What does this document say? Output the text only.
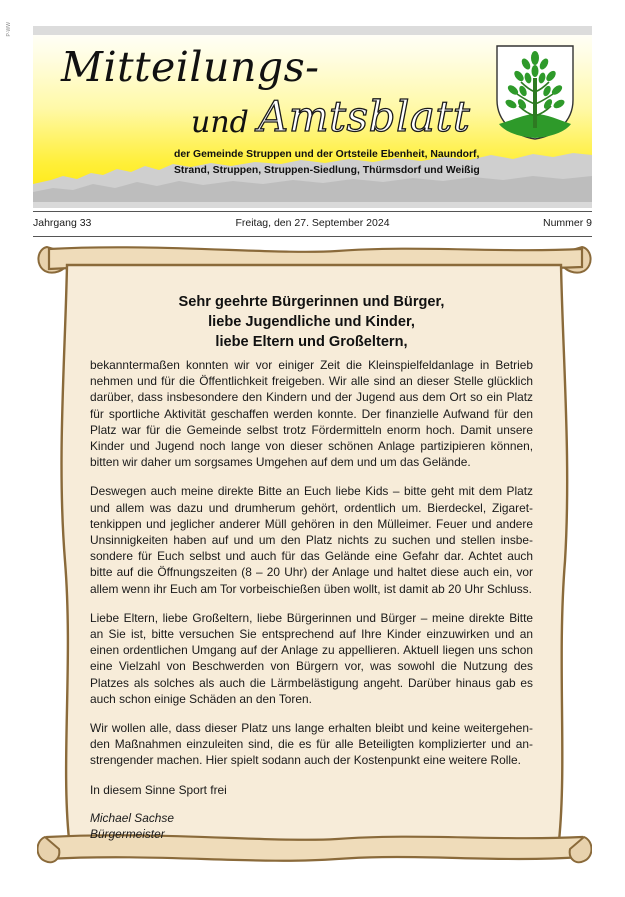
P-WW
Mitteilungs-
und Amtsblatt
der Gemeinde Struppen und der Ortsteile Ebenheit, Naundorf,
Strand, Struppen, Struppen-Siedlung, Thürmsdorf und Weißig
Jahrgang 33	Freitag, den 27. September 2024	Nummer 9
Sehr geehrte Bürgerinnen und Bürger,
liebe Jugendliche und Kinder,
liebe Eltern und Großeltern,

bekanntermaßen konnten wir vor einiger Zeit die Kleinspielfeldanlage in Betrieb nehmen und für die Öffentlichkeit freigeben. Wir alle sind an dieser Stelle glücklich darüber, dass insbesondere den Kindern und der Jugend aus dem Ort so ein Platz für sportliche Aktivität geschaffen werden konnte. Der finanzielle Aufwand für den Platz war für die Gemeinde selbst trotz Fördermitteln enorm hoch. Damit unsere Kinder und Jugend noch lange von dieser schönen Anlage partizipieren können, bitten wir daher um sorgsames Umgehen auf dem und um das Gelände.

Deswegen auch meine direkte Bitte an Euch liebe Kids – bitte geht mit dem Platz und allem was dazu und drumherum gehört, ordentlich um. Bierdeckel, Zigarettenkippen und jeglicher anderer Müll gehören in den Mülleimer. Feuer und andere Unsinnigkeiten haben auf und um den Platz nichts zu suchen und stellen insbesondere für Euch selbst und auch für das Gelände eine Gefahr dar. Achtet auch bitte auf die Öffnungszeiten (8 – 20 Uhr) der Anlage und haltet diese auch ein, vor allem wenn ihr Euch am Tor vorbeischießen üben wollt, ist damit ab 20 Uhr Schluss.

Liebe Eltern, liebe Großeltern, liebe Bürgerinnen und Bürger – meine direkte Bitte an Sie ist, bitte versuchen Sie entsprechend auf Ihre Kinder einzuwirken und an einen ordentlichen Umgang auf der Anlage zu appellieren. Aktuell liegen uns schon eine Vielzahl von Beschwerden von Bürgern vor, was sowohl die Nutzung des Platzes als solches als auch die Lärmbelästigung angeht. Darüber hinaus gab es auch schon einige Schäden an den Toren.

Wir wollen alle, dass dieser Platz uns lange erhalten bleibt und keine weitergehenden Maßnahmen einzuleiten sind, die es für alle Beteiligten komplizierter und anstrengender machen. Hier spielt sodann auch der Kostenpunkt eine weitere Rolle.

In diesem Sinne Sport frei

Michael Sachse

Bürgermeister
